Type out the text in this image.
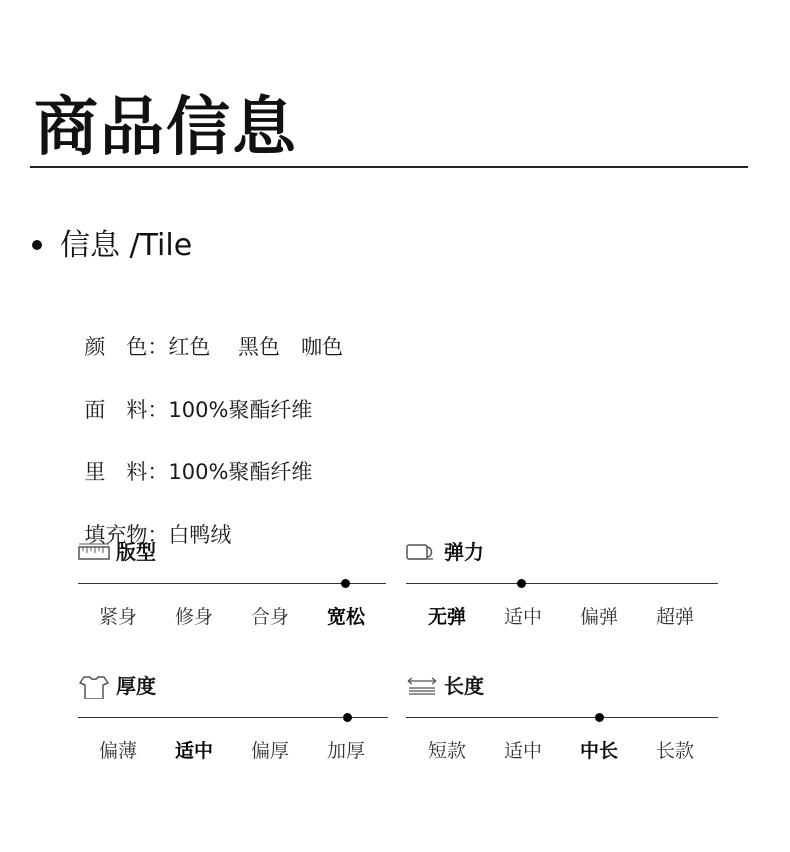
商品信息
信息 /Tile

颜　色：红色　 黑色　咖色

面　料：100%聚酯纤维

里　料：100%聚酯纤维

填充物：白鸭绒

版型
紧身 修身 合身 宽松
弹力
无弹 适中 偏弹 超弹
厚度
偏薄 适中 偏厚 加厚
长度
短款 适中 中长 长款
